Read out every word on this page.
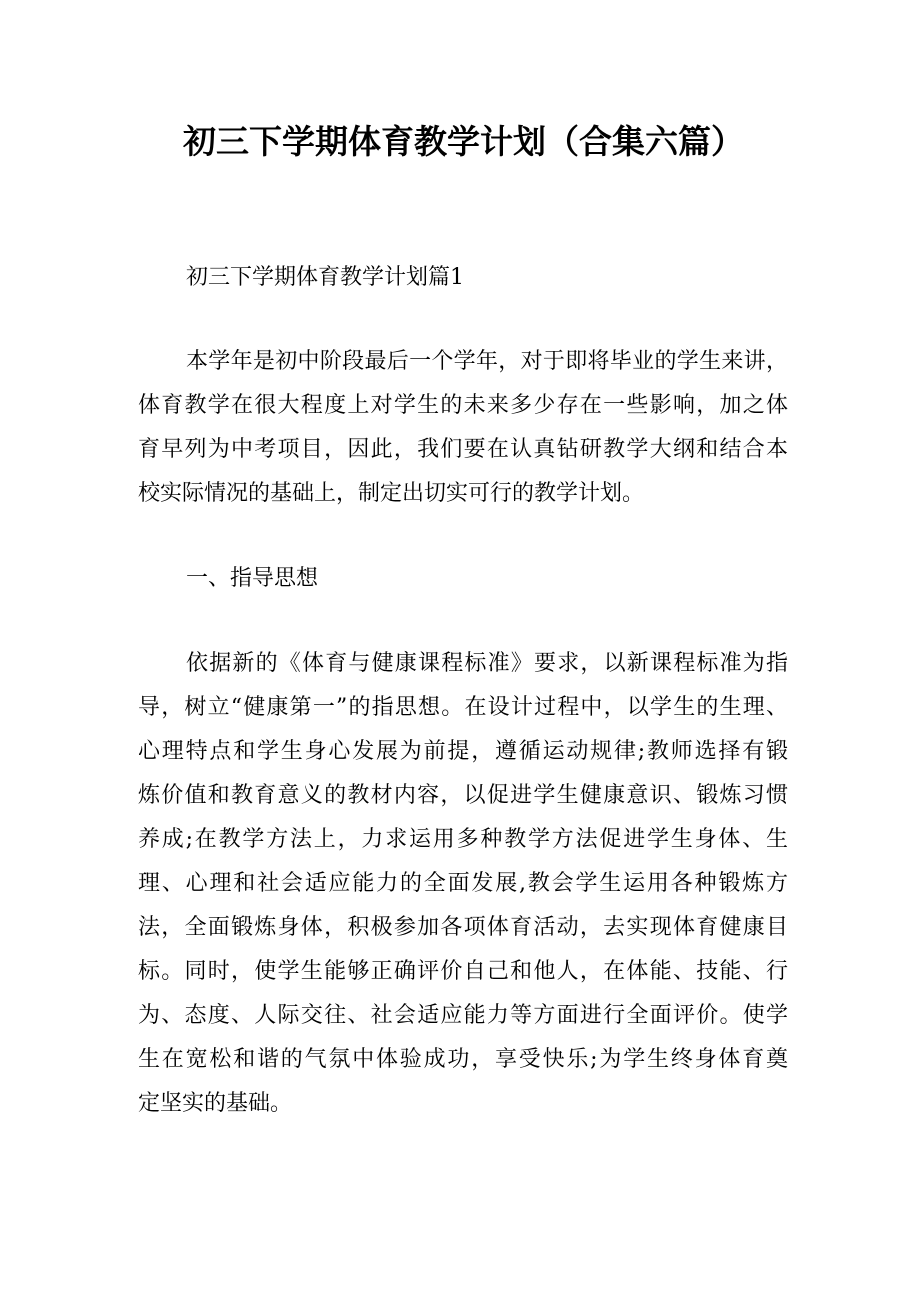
初三下学期体育教学计划（合集六篇）
初三下学期体育教学计划篇1
本学年是初中阶段最后一个学年，对于即将毕业的学生来讲，
体育教学在很大程度上对学生的未来多少存在一些影响，加之体
育早列为中考项目，因此，我们要在认真钻研教学大纲和结合本
校实际情况的基础上，制定出切实可行的教学计划。
一、指导思想
依据新的《体育与健康课程标准》要求，以新课程标准为指
导，树立“健康第一”的指思想。在设计过程中，以学生的生理、
心理特点和学生身心发展为前提，遵循运动规律;教师选择有锻
炼价值和教育意义的教材内容，以促进学生健康意识、锻炼习惯
养成;在教学方法上，力求运用多种教学方法促进学生身体、生
理、心理和社会适应能力的全面发展,教会学生运用各种锻炼方
法，全面锻炼身体，积极参加各项体育活动，去实现体育健康目
标。同时，使学生能够正确评价自己和他人，在体能、技能、行
为、态度、人际交往、社会适应能力等方面进行全面评价。使学
生在宽松和谐的气氛中体验成功，享受快乐;为学生终身体育奠
定坚实的基础。
